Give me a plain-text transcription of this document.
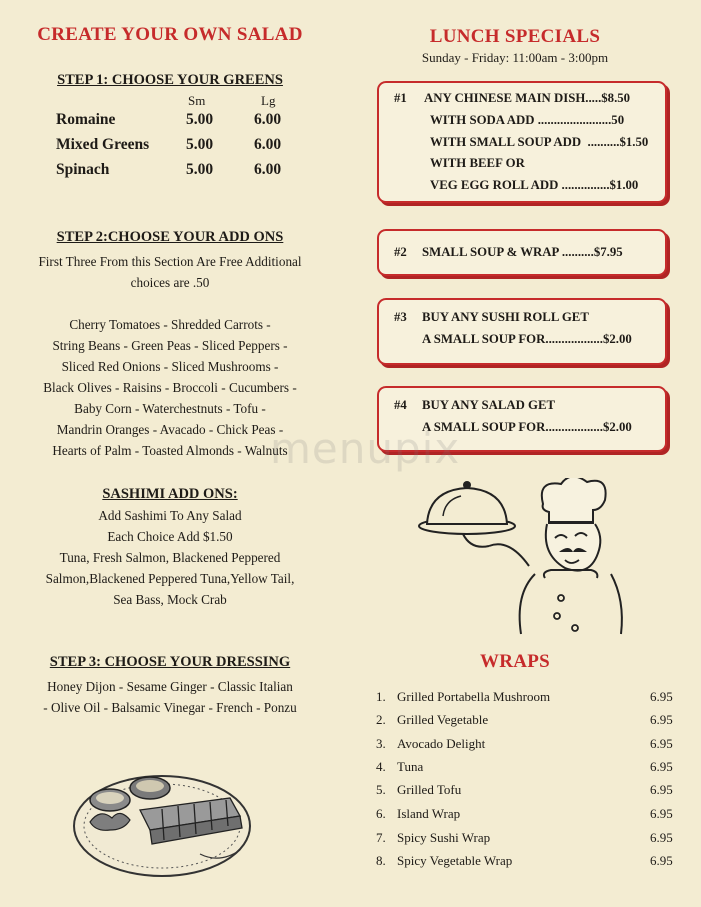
CREATE YOUR OWN SALAD
STEP 1: CHOOSE YOUR GREENS
Sm	Lg
Romaine	5.00	6.00
Mixed Greens 5.00	6.00
Spinach	5.00	6.00
STEP 2:CHOOSE YOUR ADD ONS
First Three From this Section Are Free Additional
choices are .50
Cherry Tomatoes - Shredded Carrots -
String Beans - Green Peas - Sliced Peppers -
Sliced Red Onions - Sliced Mushrooms -
Black Olives - Raisins - Broccoli - Cucumbers -
Baby Corn - Waterchestnuts - Tofu -
Mandrin Oranges - Avacado - Chick Peas -
Hearts of Palm - Toasted Almonds - Walnuts
SASHIMI ADD ONS:
Add Sashimi To Any Salad
Each Choice Add $1.50
Tuna, Fresh Salmon, Blackened Peppered
Salmon,Blackened Peppered Tuna,Yellow Tail,
Sea Bass, Mock Crab
STEP 3: CHOOSE YOUR DRESSING
Honey Dijon - Sesame Ginger - Classic Italian
- Olive Oil - Balsamic Vinegar - French - Ponzu
LUNCH SPECIALS
Sunday - Friday: 11:00am - 3:00pm
#1 ANY CHINESE MAIN DISH.....$8.50
WITH SODA ADD .......................50
WITH SMALL SOUP ADD  ..........$1.50
WITH BEEF OR
VEG EGG ROLL ADD ...............$1.00
#2 SMALL SOUP & WRAP ..........$7.95
#3 BUY ANY SUSHI ROLL GET
A SMALL SOUP FOR..................$2.00
#4 BUY ANY SALAD GET
A SMALL SOUP FOR..................$2.00
WRAPS
1. Grilled Portabella Mushroom	6.95
2. Grilled Vegetable	6.95
3. Avocado Delight	6.95
4. Tuna	6.95
5. Grilled Tofu	6.95
6. Island Wrap	6.95
7. Spicy Sushi Wrap	6.95
8. Spicy Vegetable Wrap	6.95
menupix
